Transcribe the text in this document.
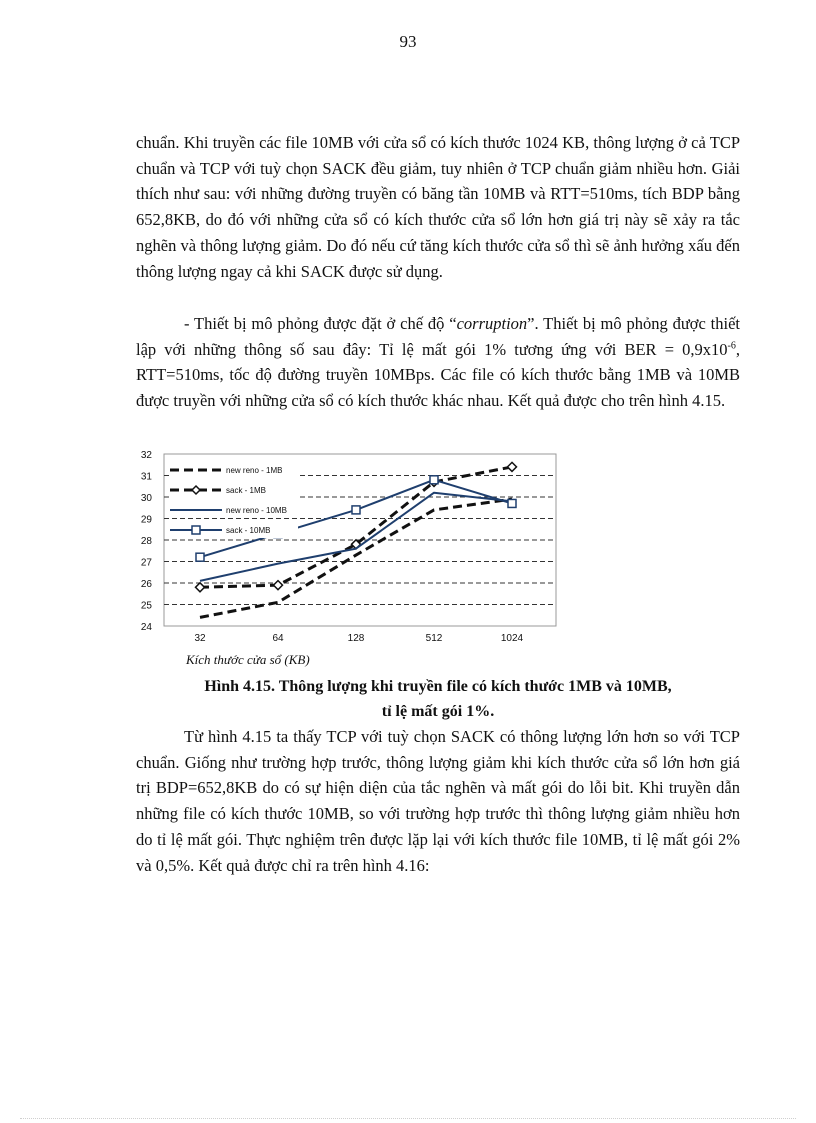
93

chuẩn. Khi truyền các file 10MB với cửa sổ có kích thước 1024 KB, thông lượng ở cả TCP chuẩn và TCP với tuỳ chọn SACK đều giảm, tuy nhiên ở TCP chuẩn giảm nhiều hơn. Giải thích như sau: với những đường truyền có băng tần 10MB và RTT=510ms, tích BDP bằng 652,8KB, do đó với những cửa sổ có kích thước cửa sổ lớn hơn giá trị này sẽ xảy ra tắc nghẽn và thông lượng giảm. Do đó nếu cứ tăng kích thước cửa sổ thì sẽ ảnh hưởng xấu đến thông lượng ngay cả khi SACK được sử dụng.

- Thiết bị mô phỏng được đặt ở chế độ “corruption”. Thiết bị mô phỏng được thiết lập với những thông số sau đây: Tỉ lệ mất gói 1% tương ứng với BER = $0,9x10^{-6}$, RTT=510ms, tốc độ đường truyền 10MBps. Các file có kích thước bằng 1MB và 10MB được truyền với những cửa sổ có kích thước khác nhau. Kết quả được cho trên hình 4.15.

24
25
26
27
28
29
30
31
32
32	64	128	512	1024
new reno - 1MB
sack - 1MB
new reno - 10MB
sack - 10MB
Kích thước cửa sổ (KB)
Hình 4.15. Thông lượng khi truyền file có kích thước 1MB và 10MB,
tỉ lệ mất gói 1%.

Từ hình 4.15 ta thấy TCP với tuỳ chọn SACK có thông lượng lớn hơn so với TCP chuẩn. Giống như trường hợp trước, thông lượng giảm khi kích thước cửa sổ lớn hơn giá trị BDP=652,8KB do có sự hiện diện của tắc nghẽn và mất gói do lỗi bit. Khi truyền dẫn những file có kích thước 10MB, so với trường hợp trước thì thông lượng giảm nhiều hơn do tỉ lệ mất gói. Thực nghiệm trên được lặp lại với kích thước file 10MB, tỉ lệ mất gói 2% và 0,5%. Kết quả được chỉ ra trên hình 4.16:
